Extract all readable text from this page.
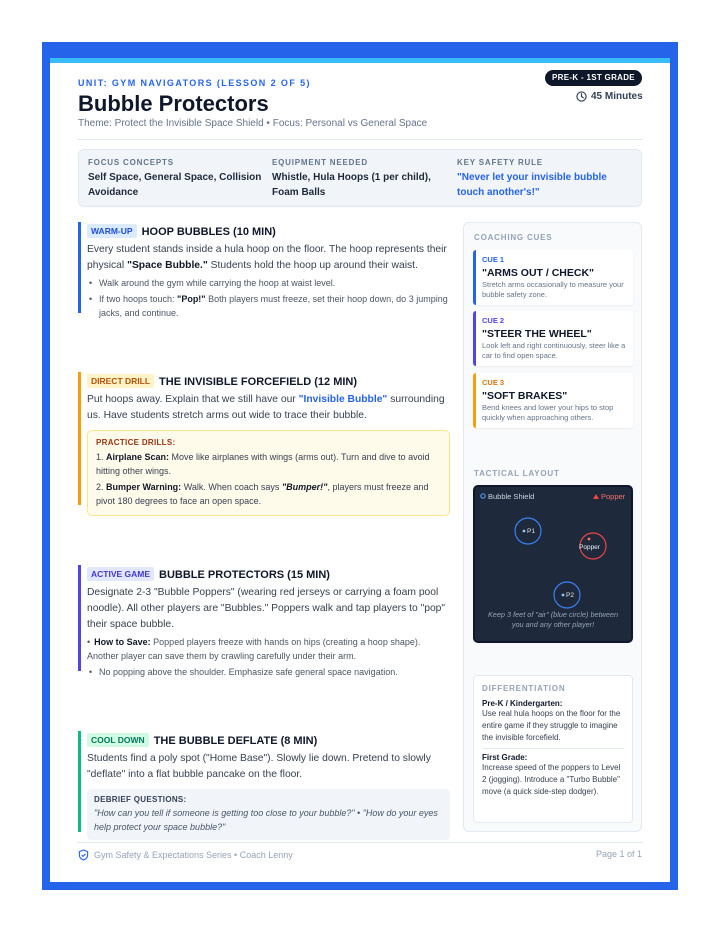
UNIT: GYM NAVIGATORS (LESSON 2 OF 5)
Bubble Protectors
Theme: Protect the Invisible Space Shield • Focus: Personal vs General Space
PRE-K - 1ST GRADE
45 Minutes
FOCUS CONCEPTS
Self Space, General Space, Collision Avoidance
EQUIPMENT NEEDED
Whistle, Hula Hoops (1 per child), Foam Balls
KEY SAFETY RULE
"Never let your invisible bubble touch another's!"
WARM-UP HOOP BUBBLES (10 MIN)
Every student stands inside a hula hoop on the floor. The hoop represents their physical "Space Bubble." Students hold the hoop up around their waist.
• Walk around the gym while carrying the hoop at waist level.
• If two hoops touch: "Pop!" Both players must freeze, set their hoop down, do 3 jumping jacks, and continue.
DIRECT DRILL THE INVISIBLE FORCEFIELD (12 MIN)
Put hoops away. Explain that we still have our "Invisible Bubble" surrounding us. Have students stretch arms out wide to trace their bubble.
PRACTICE DRILLS:
1. Airplane Scan: Move like airplanes with wings (arms out). Turn and dive to avoid hitting other wings.
2. Bumper Warning: Walk. When coach says "Bumper!", players must freeze and pivot 180 degrees to face an open space.
ACTIVE GAME BUBBLE PROTECTORS (15 MIN)
Designate 2-3 "Bubble Poppers" (wearing red jerseys or carrying a foam pool noodle). All other players are "Bubbles." Poppers walk and tap players to "pop" their space bubble.
• How to Save: Popped players freeze with hands on hips (creating a hoop shape). Another player can save them by crawling carefully under their arm.
• No popping above the shoulder. Emphasize safe general space navigation.
COOL DOWN THE BUBBLE DEFLATE (8 MIN)
Students find a poly spot ("Home Base"). Slowly lie down. Pretend to slowly "deflate" into a flat bubble pancake on the floor.
DEBRIEF QUESTIONS:
"How can you tell if someone is getting too close to your bubble?" • "How do your eyes help protect your space bubble?"
COACHING CUES
CUE 1
"ARMS OUT / CHECK"
Stretch arms occasionally to measure your bubble safety zone.
CUE 2
"STEER THE WHEEL"
Look left and right continuously, steer like a car to find open space.
CUE 3
"SOFT BRAKES"
Bend knees and lower your hips to stop quickly when approaching others.
TACTICAL LAYOUT
Bubble Shield	Popper
P1
Popper
P2
Keep 3 feet of "air" (blue circle) between you and any other player!
DIFFERENTIATION
Pre-K / Kindergarten:
Use real hula hoops on the floor for the entire game if they struggle to imagine the invisible forcefield.
First Grade:
Increase speed of the poppers to Level 2 (jogging). Introduce a "Turbo Bubble" move (a quick side-step dodger).
Gym Safety & Expectations Series • Coach Lenny	Page 1 of 1
